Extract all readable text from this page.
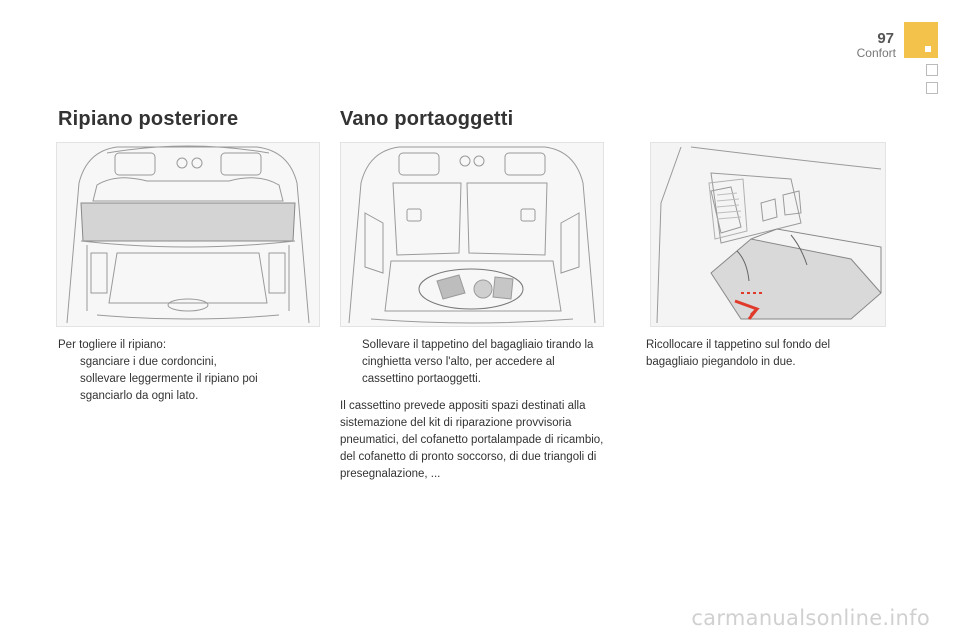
97
Confort
Ripiano posteriore	Vano portaoggetti

Per togliere il ripiano:

sganciare i due cordoncini,

sollevare leggermente il ripiano poi sganciarlo da ogni lato.

Sollevare il tappetino del bagagliaio tirando la cinghietta verso l'alto, per accedere al cassettino portaoggetti.

Il cassettino prevede appositi spazi destinati alla sistemazione del kit di riparazione provvisoria pneumatici, del cofanetto portalampade di ricambio, del cofanetto di pronto soccorso, di due triangoli di presegnalazione, ...

Ricollocare il tappetino sul fondo del bagagliaio piegandolo in due.

carmanualsonline.info
